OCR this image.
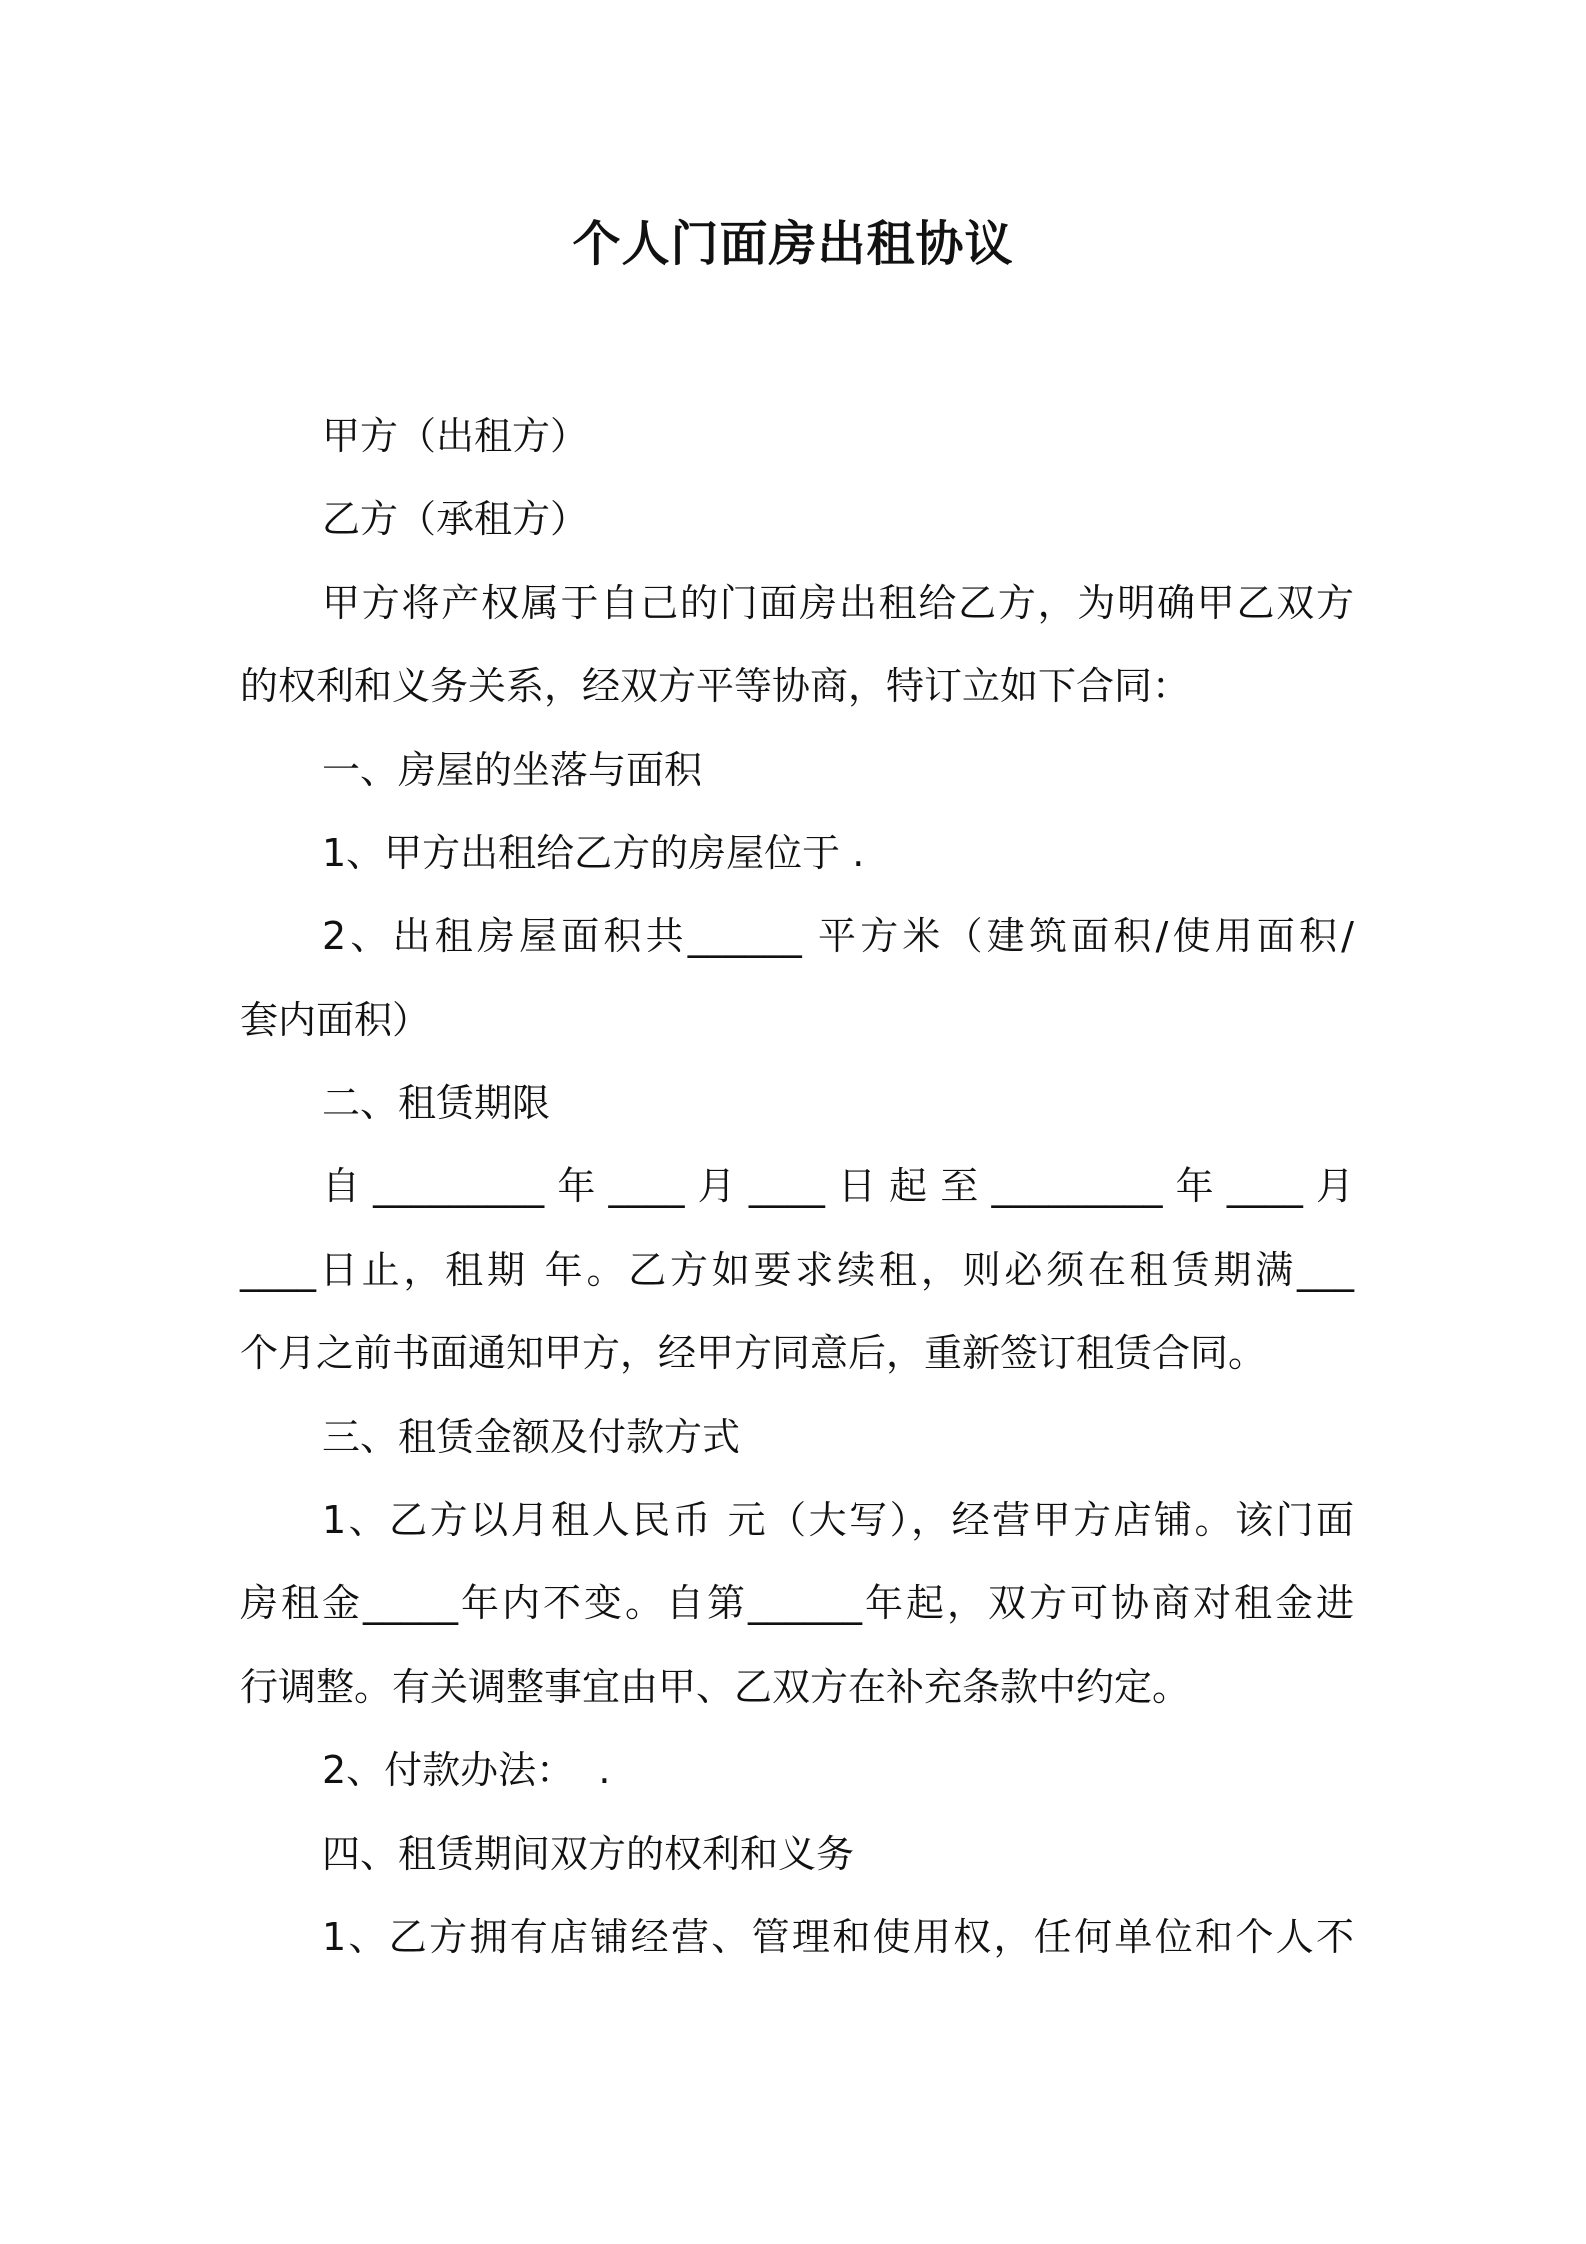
个人门面房出租协议
甲方（出租方）
乙方（承租方）
甲方将产权属于自己的门面房出租给乙方，为明确甲乙双方
的权利和义务关系，经双方平等协商，特订立如下合同：
一、房屋的坐落与面积
1、甲方出租给乙方的房屋位于 .
2、出租房屋面积共______ 平方米（建筑面积/使用面积/
套内面积）
二、租赁期限
自_________年____月____日起至_________年____月
____日止，租期 年。乙方如要求续租，则必须在租赁期满___
个月之前书面通知甲方，经甲方同意后，重新签订租赁合同。
三、租赁金额及付款方式
1、乙方以月租人民币 元（大写），经营甲方店铺。该门面
房租金_____年内不变。自第______年起，双方可协商对租金进
行调整。有关调整事宜由甲、乙双方在补充条款中约定。
2、付款办法：  .
四、租赁期间双方的权利和义务
1、乙方拥有店铺经营、管理和使用权，任何单位和个人不
